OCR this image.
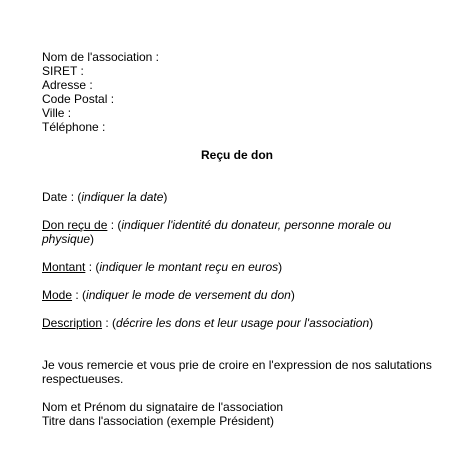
Nom de l'association :
SIRET :
Adresse :
Code Postal :
Ville :
Téléphone :
Reçu de don
Date : (indiquer la date)
Don reçu de : (indiquer l'identité du donateur, personne morale ou physique)
Montant : (indiquer le montant reçu en euros)
Mode : (indiquer le mode de versement du don)
Description : (décrire les dons et leur usage pour l'association)
Je vous remercie et vous prie de croire en l'expression de nos salutations respectueuses.
Nom et Prénom du signataire de l'association
Titre dans l'association (exemple Président)
